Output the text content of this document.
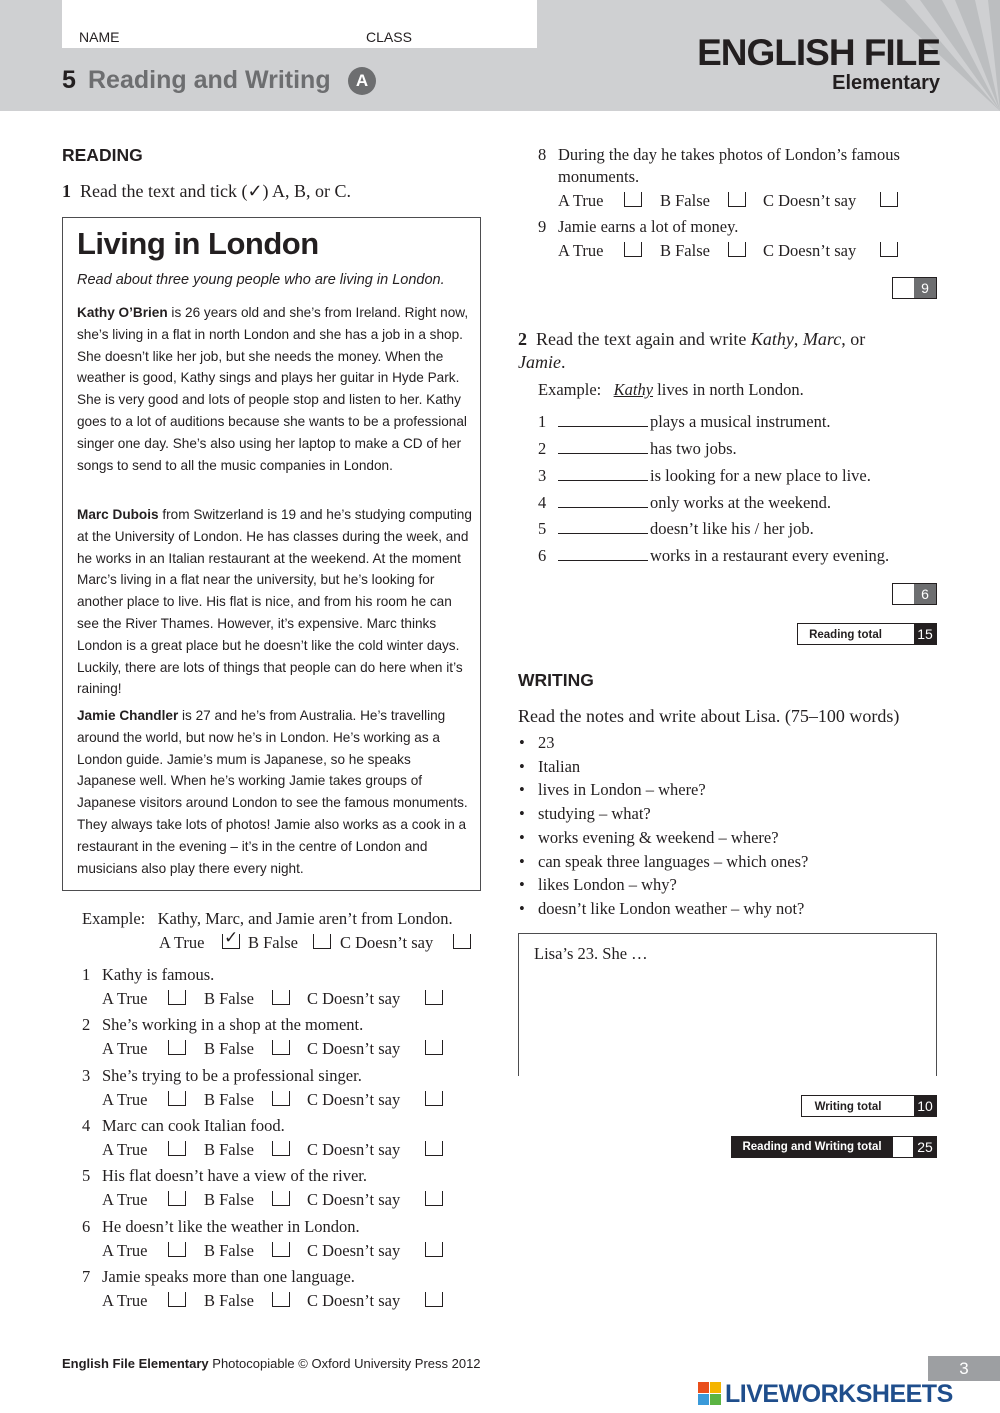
NAME	CLASS
5 Reading and Writing	A
ENGLISH FILE
Elementary
READING
1 Read the text and tick (✓) A, B, or C.
Living in London
Read about three young people who are living in London.
Kathy O’Brien is 26 years old and she’s from Ireland. Right now, she’s living in a flat in north London and she has a job in a shop. She doesn’t like her job, but she needs the money. When the weather is good, Kathy sings and plays her guitar in Hyde Park. She is very good and lots of people stop and listen to her. Kathy goes to a lot of auditions because she wants to be a professional singer one day. She’s also using her laptop to make a CD of her songs to send to all the music companies in London.
Marc Dubois from Switzerland is 19 and he’s studying computing at the University of London. He has classes during the week, and he works in an Italian restaurant at the weekend. At the moment Marc’s living in a flat near the university, but he’s looking for another place to live. His flat is nice, and from his room he can see the River Thames. However, it’s expensive. Marc thinks London is a great place but he doesn’t like the cold winter days. Luckily, there are lots of things that people can do here when it’s raining!
Jamie Chandler is 27 and he’s from Australia. He’s travelling around the world, but now he’s in London. He’s working as a London guide. Jamie’s mum is Japanese, so he speaks Japanese well. When he’s working Jamie takes groups of Japanese visitors around London to see the famous monuments. They always take lots of photos! Jamie also works as a cook in a restaurant in the evening – it’s in the centre of London and musicians also play there every night.
Example: Kathy, Marc, and Jamie aren’t from London.
A True ✓	B False	C Doesn’t say
1 Kathy is famous.
A True	B False	C Doesn’t say
2 She’s working in a shop at the moment.
A True	B False	C Doesn’t say
3 She’s trying to be a professional singer.
A True	B False	C Doesn’t say
4 Marc can cook Italian food.
A True	B False	C Doesn’t say
5 His flat doesn’t have a view of the river.
A True	B False	C Doesn’t say
6 He doesn’t like the weather in London.
A True	B False	C Doesn’t say
7 Jamie speaks more than one language.
A True	B False	C Doesn’t say
8 During the day he takes photos of London’s famous
monuments.
A True	B False	C Doesn’t say
9 Jamie earns a lot of money.
A True	B False	C Doesn’t say
9
2 Read the text again and write Kathy, Marc, or
Jamie.
Example: Kathy lives in north London.
1	plays a musical instrument.
2	has two jobs.
3	is looking for a new place to live.
4	only works at the weekend.
5	doesn’t like his / her job.
6	works in a restaurant every evening.
6
Reading total	15
WRITING
Read the notes and write about Lisa. (75–100 words)
• 23
• Italian
• lives in London – where?
• studying – what?
• works evening & weekend – where?
• can speak three languages – which ones?
• likes London – why?
• doesn’t like London weather – why not?
Lisa’s 23. She …
Writing total	10
Reading and Writing total	25
English File Elementary Photocopiable © Oxford University Press 2012	3
LIVEWORKSHEETS
